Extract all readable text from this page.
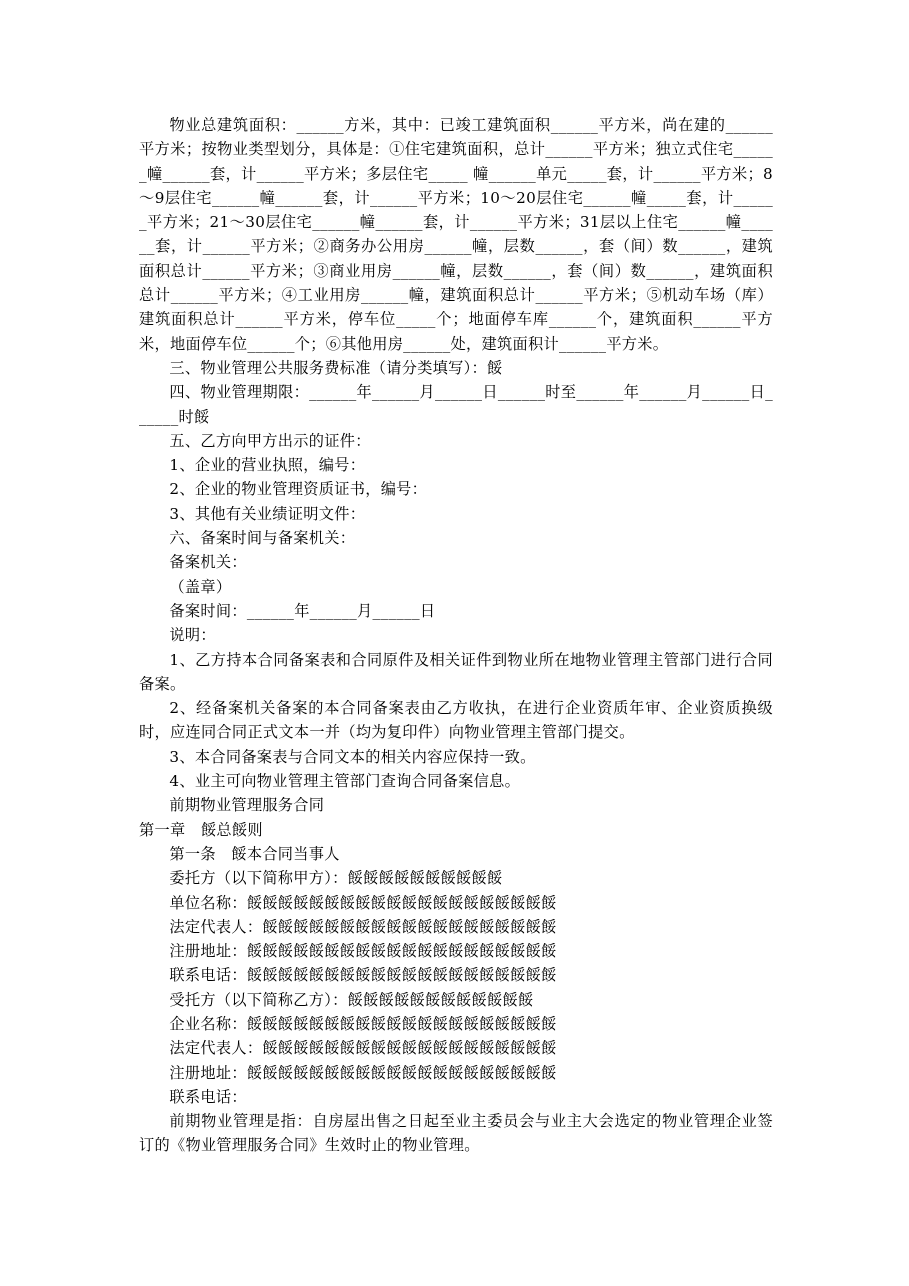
物业总建筑面积：______方米，其中：已竣工建筑面积______平方米，尚在建的______平方米；按物业类型划分，具体是：①住宅建筑面积，总计______平方米；独立式住宅______幢______套，计______平方米；多层住宅_____ 幢______单元_____套，计______平方米；8～9层住宅______幢______套，计______平方米；10～20层住宅______幢_____套，计______平方米；21～30层住宅______幢______套，计______平方米；31层以上住宅______幢______套，计______平方米；②商务办公用房______幢，层数______，套（间）数______，建筑面积总计______平方米；③商业用房______幢，层数______，套（间）数______，建筑面积总计______平方米；④工业用房______幢，建筑面积总计______平方米；⑤机动车场（库）建筑面积总计______平方米，停车位_____个；地面停车库______个，建筑面积______平方米，地面停车位______个；⑥其他用房______处，建筑面积计______平方米。

三、物业管理公共服务费标准（请分类填写）：餒

四、物业管理期限：______年______月______日______时至______年______月______日______时餒

五、乙方向甲方出示的证件：

1、企业的营业执照，编号：

2、企业的物业管理资质证书，编号：

3、其他有关业绩证明文件：

六、备案时间与备案机关：

备案机关：

（盖章）

备案时间：______年______月______日

说明：

1、乙方持本合同备案表和合同原件及相关证件到物业所在地物业管理主管部门进行合同备案。

2、经备案机关备案的本合同备案表由乙方收执，在进行企业资质年审、企业资质换级时，应连同合同正式文本一并（均为复印件）向物业管理主管部门提交。

3、本合同备案表与合同文本的相关内容应保持一致。

4、业主可向物业管理主管部门查询合同备案信息。

前期物业管理服务合同

第一章　餒总餒则

第一条　餒本合同当事人

委托方（以下简称甲方）：餒餒餒餒餒餒餒餒餒餒

单位名称：餒餒餒餒餒餒餒餒餒餒餒餒餒餒餒餒餒餒餒餒

法定代表人：餒餒餒餒餒餒餒餒餒餒餒餒餒餒餒餒餒餒餒

注册地址：餒餒餒餒餒餒餒餒餒餒餒餒餒餒餒餒餒餒餒餒

联系电话：餒餒餒餒餒餒餒餒餒餒餒餒餒餒餒餒餒餒餒餒

受托方（以下简称乙方）：餒餒餒餒餒餒餒餒餒餒餒餒

企业名称：餒餒餒餒餒餒餒餒餒餒餒餒餒餒餒餒餒餒餒餒

法定代表人：餒餒餒餒餒餒餒餒餒餒餒餒餒餒餒餒餒餒餒

注册地址：餒餒餒餒餒餒餒餒餒餒餒餒餒餒餒餒餒餒餒餒

联系电话：

前期物业管理是指：自房屋出售之日起至业主委员会与业主大会选定的物业管理企业签订的《物业管理服务合同》生效时止的物业管理。
